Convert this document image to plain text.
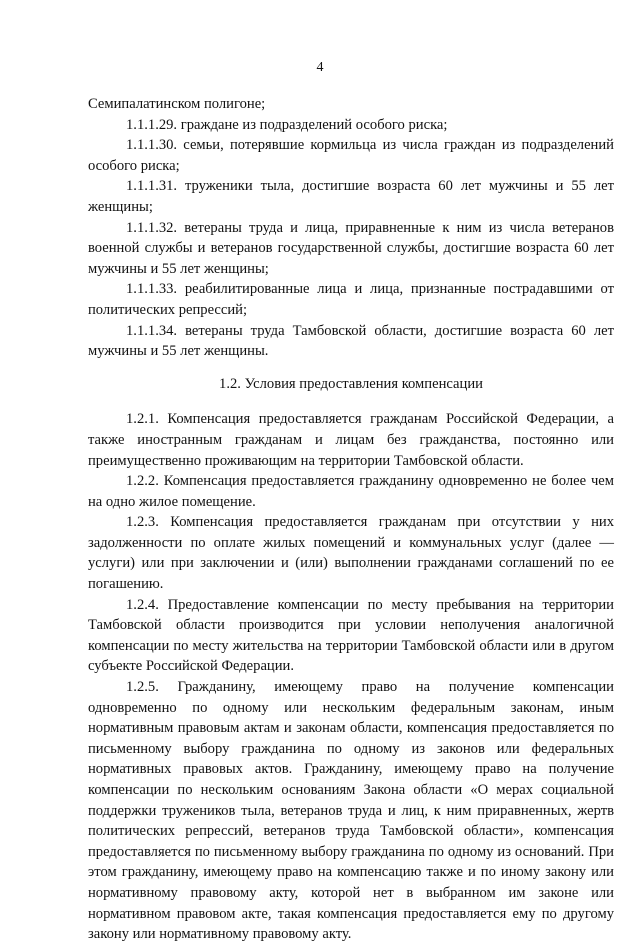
4

Семипалатинском полигоне;

1.1.1.29. граждане из подразделений особого риска;

1.1.1.30. семьи, потерявшие кормильца из числа граждан из подразделений особого риска;

1.1.1.31. труженики тыла, достигшие возраста 60 лет мужчины и 55 лет женщины;

1.1.1.32. ветераны труда и лица, приравненные к ним из числа ветеранов военной службы и ветеранов государственной службы, достигшие возраста 60 лет мужчины и 55 лет женщины;

1.1.1.33. реабилитированные лица и лица, признанные пострадавшими от политических репрессий;

1.1.1.34. ветераны труда Тамбовской области, достигшие возраста 60 лет мужчины и 55 лет женщины.

1.2. Условия предоставления компенсации

1.2.1. Компенсация предоставляется гражданам Российской Федерации, а также иностранным гражданам и лицам без гражданства, постоянно или преимущественно проживающим на территории Тамбовской области.

1.2.2. Компенсация предоставляется гражданину одновременно не более чем на одно жилое помещение.

1.2.3. Компенсация предоставляется гражданам при отсутствии у них задолженности по оплате жилых помещений и коммунальных услуг (далее — услуги) или при заключении и (или) выполнении гражданами соглашений по ее погашению.

1.2.4. Предоставление компенсации по месту пребывания на территории Тамбовской области производится при условии неполучения аналогичной компенсации по месту жительства на территории Тамбовской области или в другом субъекте Российской Федерации.

1.2.5. Гражданину, имеющему право на получение компенсации одновременно по одному или нескольким федеральным законам, иным нормативным правовым актам и законам области, компенсация предоставляется по письменному выбору гражданина по одному из законов или федеральных нормативных правовых актов. Гражданину, имеющему право на получение компенсации по нескольким основаниям Закона области «О мерах социальной поддержки тружеников тыла, ветеранов труда и лиц, к ним приравненных, жертв политических репрессий, ветеранов труда Тамбовской области», компенсация предоставляется по письменному выбору гражданина по одному из оснований. При этом гражданину, имеющему право на компенсацию также и по иному закону или нормативному правовому акту, которой нет в выбранном им законе или нормативном правовом акте, такая компенсация предоставляется ему по другому закону или нормативному правовому акту.
